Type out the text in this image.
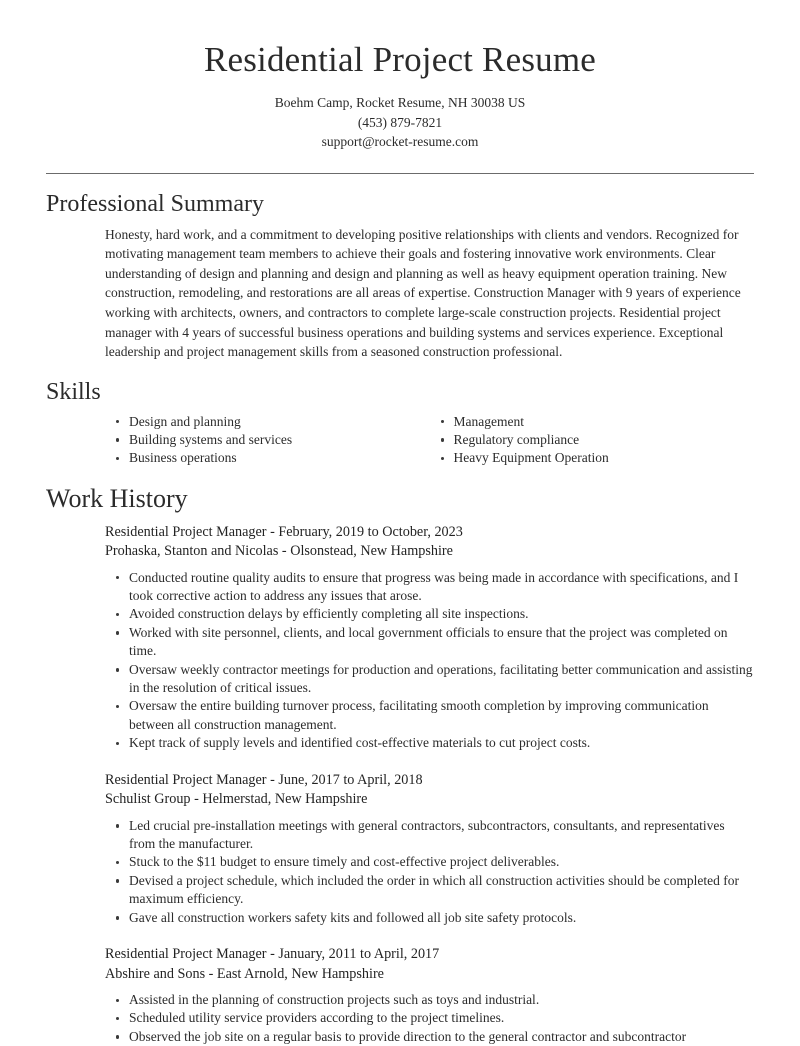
Residential Project Resume
Boehm Camp, Rocket Resume, NH 30038 US
(453) 879-7821
support@rocket-resume.com
Professional Summary

Honesty, hard work, and a commitment to developing positive relationships with clients and vendors. Recognized for motivating management team members to achieve their goals and fostering innovative work environments. Clear understanding of design and planning and design and planning as well as heavy equipment operation training. New construction, remodeling, and restorations are all areas of expertise. Construction Manager with 9 years of experience working with architects, owners, and contractors to complete large-scale construction projects. Residential project manager with 4 years of successful business operations and building systems and services experience. Exceptional leadership and project management skills from a seasoned construction professional.

Skills
Design and planning
Building systems and services
Business operations
Management
Regulatory compliance
Heavy Equipment Operation
Work History
Residential Project Manager - February, 2019 to October, 2023
Prohaska, Stanton and Nicolas - Olsonstead, New Hampshire
Conducted routine quality audits to ensure that progress was being made in accordance with specifications, and I took corrective action to address any issues that arose.
Avoided construction delays by efficiently completing all site inspections.
Worked with site personnel, clients, and local government officials to ensure that the project was completed on time.
Oversaw weekly contractor meetings for production and operations, facilitating better communication and assisting in the resolution of critical issues.
Oversaw the entire building turnover process, facilitating smooth completion by improving communication between all construction management.
Kept track of supply levels and identified cost-effective materials to cut project costs.
Residential Project Manager - June, 2017 to April, 2018
Schulist Group - Helmerstad, New Hampshire
Led crucial pre-installation meetings with general contractors, subcontractors, consultants, and representatives from the manufacturer.
Stuck to the $11 budget to ensure timely and cost-effective project deliverables.
Devised a project schedule, which included the order in which all construction activities should be completed for maximum efficiency.
Gave all construction workers safety kits and followed all job site safety protocols.
Residential Project Manager - January, 2011 to April, 2017
Abshire and Sons - East Arnold, New Hampshire
Assisted in the planning of construction projects such as toys and industrial.
Scheduled utility service providers according to the project timelines.
Observed the job site on a regular basis to provide direction to the general contractor and subcontractor
